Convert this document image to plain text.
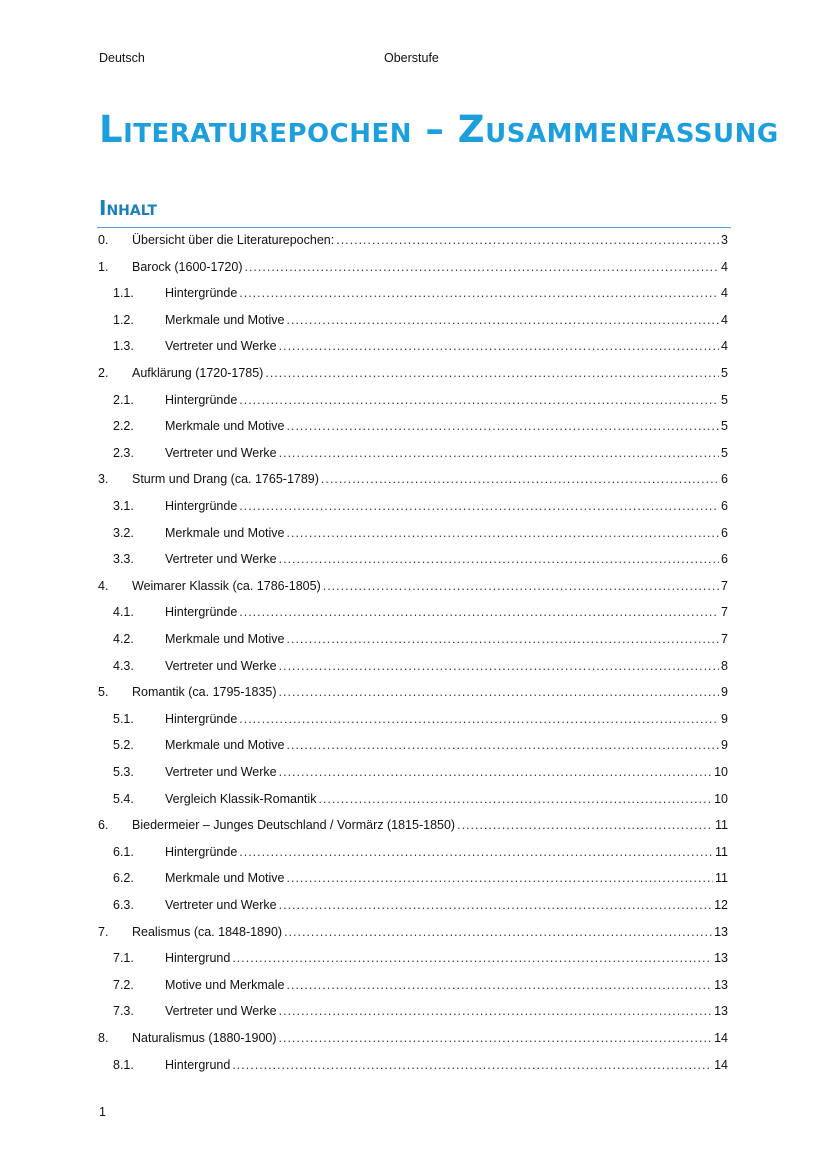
Deutsch	Oberstufe
Literaturepochen – Zusammenfassung
Inhalt
0.	Übersicht über die Literaturepochen: .....	3
1.	Barock (1600-1720) .....	4
1.1.	Hintergründe .....	4
1.2.	Merkmale und Motive .....	4
1.3.	Vertreter und Werke .....	4
2.	Aufklärung (1720-1785) .....	5
2.1.	Hintergründe .....	5
2.2.	Merkmale und Motive .....	5
2.3.	Vertreter und Werke .....	5
3.	Sturm und Drang (ca. 1765-1789) .....	6
3.1.	Hintergründe .....	6
3.2.	Merkmale und Motive .....	6
3.3.	Vertreter und Werke .....	6
4.	Weimarer Klassik (ca. 1786-1805) .....	7
4.1.	Hintergründe .....	7
4.2.	Merkmale und Motive .....	7
4.3.	Vertreter und Werke .....	8
5.	Romantik (ca. 1795-1835) .....	9
5.1.	Hintergründe .....	9
5.2.	Merkmale und Motive .....	9
5.3.	Vertreter und Werke .....	10
5.4.	Vergleich Klassik-Romantik .....	10
6.	Biedermeier – Junges Deutschland / Vormärz (1815-1850) .....	11
6.1.	Hintergründe .....	11
6.2.	Merkmale und Motive .....	11
6.3.	Vertreter und Werke .....	12
7.	Realismus (ca. 1848-1890) .....	13
7.1.	Hintergrund .....	13
7.2.	Motive und Merkmale .....	13
7.3.	Vertreter und Werke .....	13
8.	Naturalismus (1880-1900) .....	14
8.1.	Hintergrund .....	14
1
